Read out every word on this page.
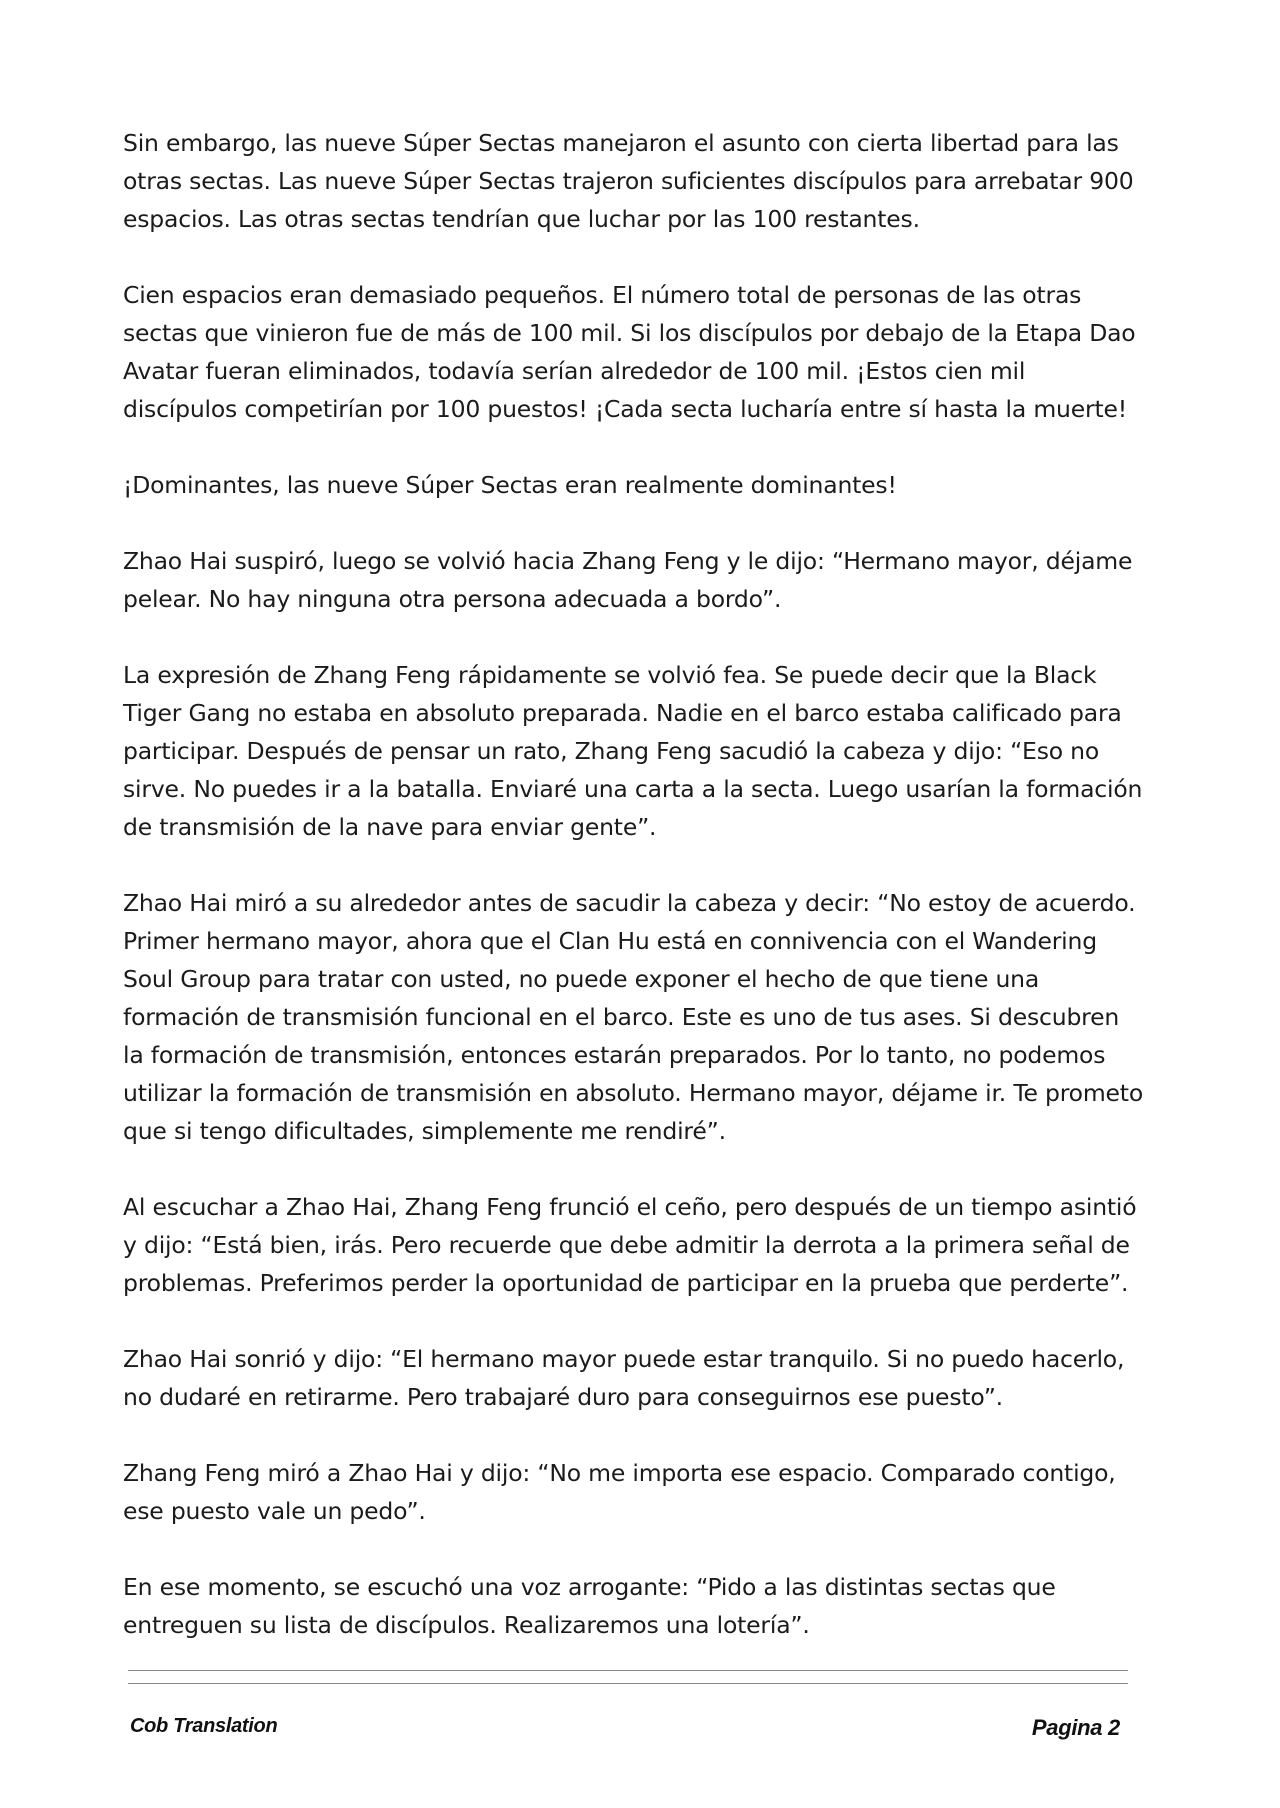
Sin embargo, las nueve Súper Sectas manejaron el asunto con cierta libertad para las otras sectas. Las nueve Súper Sectas trajeron suficientes discípulos para arrebatar 900 espacios. Las otras sectas tendrían que luchar por las 100 restantes.

Cien espacios eran demasiado pequeños. El número total de personas de las otras sectas que vinieron fue de más de 100 mil. Si los discípulos por debajo de la Etapa Dao Avatar fueran eliminados, todavía serían alrededor de 100 mil. ¡Estos cien mil discípulos competirían por 100 puestos! ¡Cada secta lucharía entre sí hasta la muerte!

¡Dominantes, las nueve Súper Sectas eran realmente dominantes!

Zhao Hai suspiró, luego se volvió hacia Zhang Feng y le dijo: “Hermano mayor, déjame pelear. No hay ninguna otra persona adecuada a bordo”.

La expresión de Zhang Feng rápidamente se volvió fea. Se puede decir que la Black Tiger Gang no estaba en absoluto preparada. Nadie en el barco estaba calificado para participar. Después de pensar un rato, Zhang Feng sacudió la cabeza y dijo: “Eso no sirve. No puedes ir a la batalla. Enviaré una carta a la secta. Luego usarían la formación de transmisión de la nave para enviar gente”.

Zhao Hai miró a su alrededor antes de sacudir la cabeza y decir: “No estoy de acuerdo. Primer hermano mayor, ahora que el Clan Hu está en connivencia con el Wandering Soul Group para tratar con usted, no puede exponer el hecho de que tiene una formación de transmisión funcional en el barco. Este es uno de tus ases. Si descubren la formación de transmisión, entonces estarán preparados. Por lo tanto, no podemos utilizar la formación de transmisión en absoluto. Hermano mayor, déjame ir. Te prometo que si tengo dificultades, simplemente me rendiré”.

Al escuchar a Zhao Hai, Zhang Feng frunció el ceño, pero después de un tiempo asintió y dijo: “Está bien, irás. Pero recuerde que debe admitir la derrota a la primera señal de problemas. Preferimos perder la oportunidad de participar en la prueba que perderte”.

Zhao Hai sonrió y dijo: “El hermano mayor puede estar tranquilo. Si no puedo hacerlo, no dudaré en retirarme. Pero trabajaré duro para conseguirnos ese puesto”.

Zhang Feng miró a Zhao Hai y dijo: “No me importa ese espacio. Comparado contigo, ese puesto vale un pedo”.

En ese momento, se escuchó una voz arrogante: “Pido a las distintas sectas que entreguen su lista de discípulos. Realizaremos una lotería”.

Cob Translation	Pagina 2
